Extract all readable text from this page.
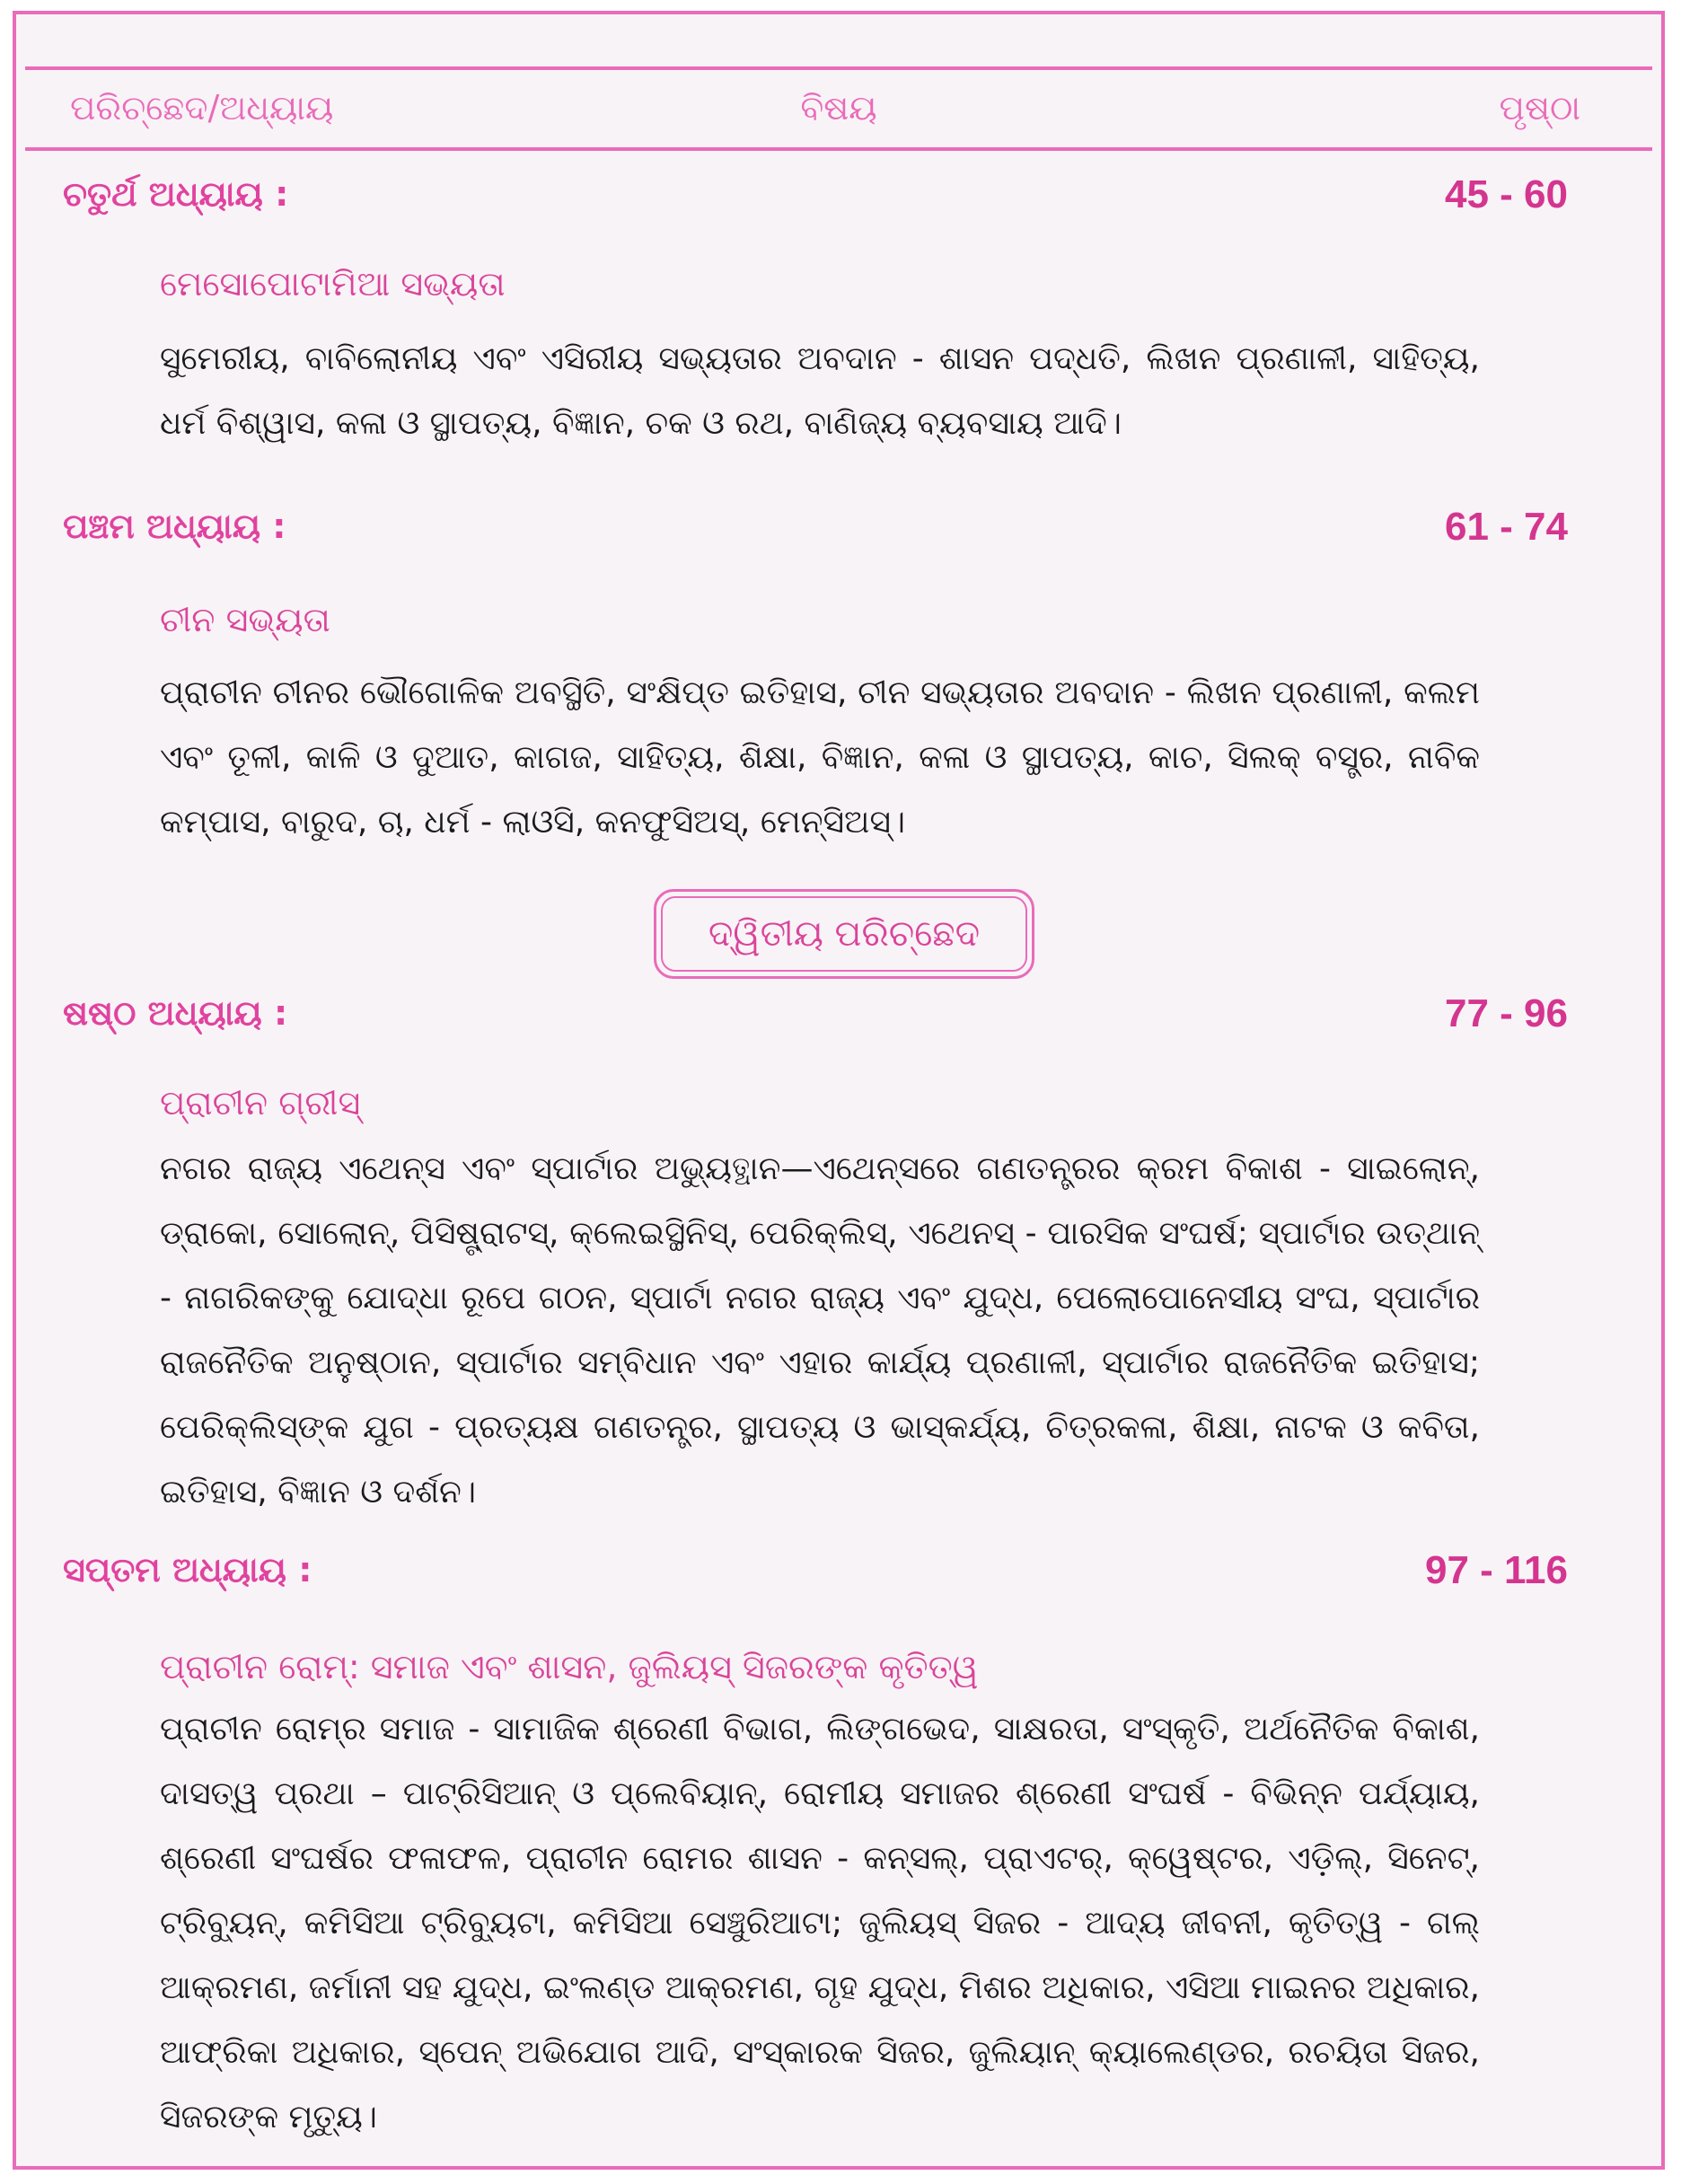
ପରିଚ୍ଛେଦ/ଅଧ୍ୟାୟ	ବିଷୟ	ପୃଷ୍ଠା
ଚତୁର୍ଥ ଅଧ୍ୟାୟ :	45 - 60
ମେସୋପୋଟାମିଆ ସଭ୍ୟତା
ସୁମେରୀୟ, ବାବିଲୋନୀୟ ଏବଂ ଏସିରୀୟ ସଭ୍ୟତାର ଅବଦାନ - ଶାସନ ପଦ୍ଧତି, ଲିଖନ ପ୍ରଣାଳୀ, ସାହିତ୍ୟ, ଧର୍ମ ବିଶ୍ୱାସ, କଳା ଓ ସ୍ଥାପତ୍ୟ, ବିଜ୍ଞାନ, ଚକ ଓ ରଥ, ବାଣିଜ୍ୟ ବ୍ୟବସାୟ ଆଦି।
ପଞ୍ଚମ ଅଧ୍ୟାୟ :	61 - 74
ଚୀନ ସଭ୍ୟତା
ପ୍ରାଚୀନ ଚୀନର ଭୌଗୋଳିକ ଅବସ୍ଥିତି, ସଂକ୍ଷିପ୍ତ ଇତିହାସ, ଚୀନ ସଭ୍ୟତାର ଅବଦାନ - ଲିଖନ ପ୍ରଣାଳୀ, କଲମ ଏବଂ ତୂଳୀ, କାଳି ଓ ଦୁଆତ, କାଗଜ, ସାହିତ୍ୟ, ଶିକ୍ଷା, ବିଜ୍ଞାନ, କଳା ଓ ସ୍ଥାପତ୍ୟ, କାଚ, ସିଲକ୍ ବସ୍ତ୍ର, ନାବିକ କମ୍ପାସ, ବାରୁଦ, ଚା, ଧର୍ମ - ଲାଓସି, କନଫୁସିଅସ୍, ମେନ୍‌ସିଅସ୍।
ଦ୍ୱିତୀୟ ପରିଚ୍ଛେଦ
ଷଷ୍ଠ ଅଧ୍ୟାୟ :	77 - 96
ପ୍ରାଚୀନ ଗ୍ରୀସ୍
ନଗର ରାଜ୍ୟ ଏଥେନ୍‌ସ ଏବଂ ସ୍ପାର୍ଟାର ଅଭ୍ୟୁତ୍ଥାନ—ଏଥେନ୍‌ସରେ ଗଣତନ୍ତ୍ରର କ୍ରମ ବିକାଶ - ସାଇଲୋନ୍, ଡ୍ରାକୋ, ସୋଲୋନ୍, ପିସିଷ୍ଟ୍ରାଟସ୍, କ୍ଲେଇସ୍ଥିନିସ୍, ପେରିକ୍ଲିସ୍, ଏଥେନସ୍ - ପାରସିକ ସଂଘର୍ଷ; ସ୍ପାର୍ଟାର ଉତ୍‌ଥାନ୍ - ନାଗରିକଙ୍କୁ ଯୋଦ୍ଧା ରୂପେ ଗଠନ, ସ୍ପାର୍ଟା ନଗର ରାଜ୍ୟ ଏବଂ ଯୁଦ୍ଧ, ପେଲୋପୋନେସୀୟ ସଂଘ, ସ୍ପାର୍ଟାର ରାଜନୈତିକ ଅନୁଷ୍ଠାନ, ସ୍ପାର୍ଟାର ସମ୍ବିଧାନ ଏବଂ ଏହାର କାର୍ଯ୍ୟ ପ୍ରଣାଳୀ, ସ୍ପାର୍ଟାର ରାଜନୈତିକ ଇତିହାସ; ପେରିକ୍ଲିସ୍‌ଙ୍କ ଯୁଗ - ପ୍ରତ୍ୟକ୍ଷ ଗଣତନ୍ତ୍ର, ସ୍ଥାପତ୍ୟ ଓ ଭାସ୍କର୍ଯ୍ୟ, ଚିତ୍ରକଳା, ଶିକ୍ଷା, ନାଟକ ଓ କବିତା, ଇତିହାସ, ବିଜ୍ଞାନ ଓ ଦର୍ଶନ।
ସପ୍ତମ ଅଧ୍ୟାୟ :	97 - 116
ପ୍ରାଚୀନ ରୋମ୍: ସମାଜ ଏବଂ ଶାସନ, ଜୁଲିୟସ୍ ସିଜରଙ୍କ କୃତିତ୍ୱ
ପ୍ରାଚୀନ ରୋମ୍‌ର ସମାଜ - ସାମାଜିକ ଶ୍ରେଣୀ ବିଭାଗ, ଲିଙ୍ଗଭେଦ, ସାକ୍ଷରତା, ସଂସ୍କୃତି, ଅର୍ଥନୈତିକ ବିକାଶ, ଦାସତ୍ୱ ପ୍ରଥା – ପାଟ୍ରିସିଆନ୍ ଓ ପ୍ଲେବିୟାନ୍, ରୋମୀୟ ସମାଜର ଶ୍ରେଣୀ ସଂଘର୍ଷ - ବିଭିନ୍ନ ପର୍ଯ୍ୟାୟ, ଶ୍ରେଣୀ ସଂଘର୍ଷର ଫଳାଫଳ, ପ୍ରାଚୀନ ରୋମର ଶାସନ - କନ୍‌ସଲ୍, ପ୍ରାଏଟର୍, କ୍ୱେଷ୍ଟର, ଏଡ଼ିଲ୍, ସିନେଟ୍, ଟ୍ରିବ୍ୟୁନ୍, କମିସିଆ ଟ୍ରିବ୍ୟୁଟା, କମିସିଆ ସେଞ୍ଚୁରିଆଟା; ଜୁଲିୟସ୍ ସିଜର - ଆଦ୍ୟ ଜୀବନୀ, କୃତିତ୍ୱ - ଗଲ୍ ଆକ୍ରମଣ, ଜର୍ମାନୀ ସହ ଯୁଦ୍ଧ, ଇଂଲଣ୍ଡ ଆକ୍ରମଣ, ଗୃହ ଯୁଦ୍ଧ, ମିଶର ଅଧିକାର, ଏସିଆ ମାଇନର ଅଧିକାର, ଆଫ୍ରିକା ଅଧିକାର, ସ୍ପେନ୍ ଅଭିଯୋଗ ଆଦି, ସଂସ୍କାରକ ସିଜର, ଜୁଲିୟାନ୍ କ୍ୟାଲେଣ୍ଡର, ରଚୟିତା ସିଜର, ସିଜରଙ୍କ ମୃତ୍ୟୁ।
